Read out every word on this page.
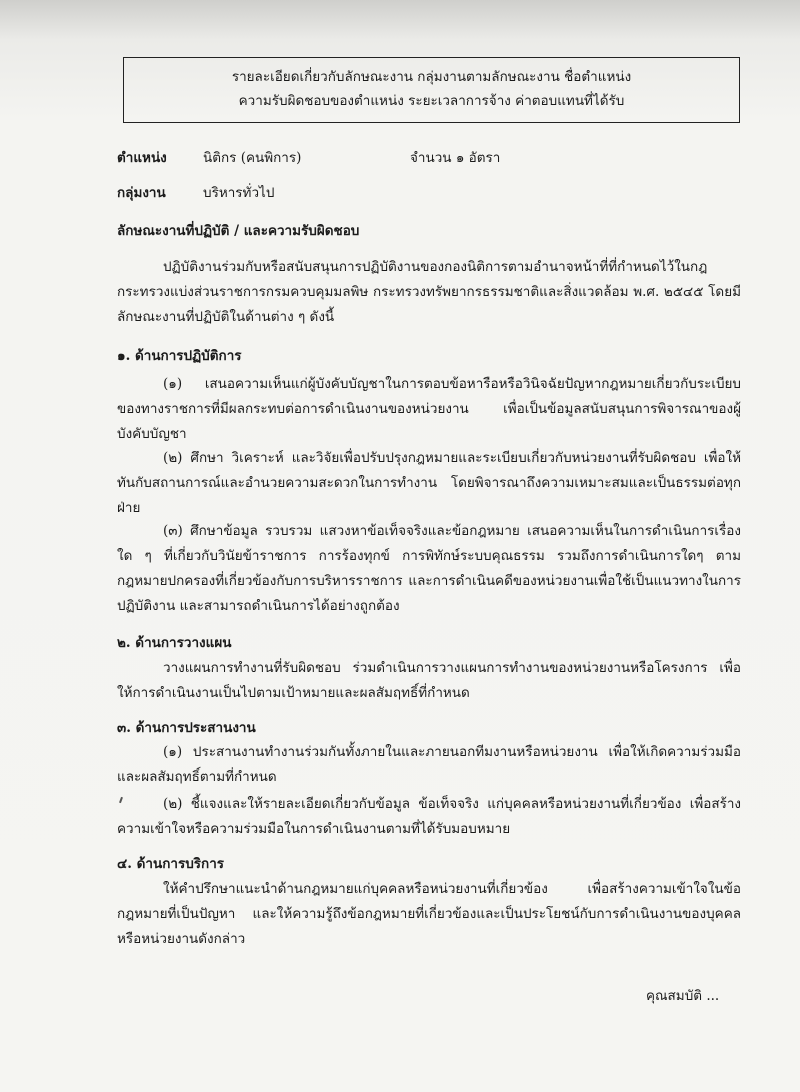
รายละเอียดเกี่ยวกับลักษณะงาน กลุ่มงานตามลักษณะงาน ชื่อตำแหน่ง
ความรับผิดชอบของตำแหน่ง ระยะเวลาการจ้าง ค่าตอบแทนที่ได้รับ
ตำแหน่ง	นิติกร (คนพิการ)	จำนวน ๑ อัตรา
กลุ่มงาน	บริหารทั่วไป
ลักษณะงานที่ปฏิบัติ / และความรับผิดชอบ
ปฏิบัติงานร่วมกับหรือสนับสนุนการปฏิบัติงานของกองนิติการตามอำนาจหน้าที่ที่กำหนดไว้ในกฎกระทรวงแบ่งส่วนราชการกรมควบคุมมลพิษ กระทรวงทรัพยากรธรรมชาติและสิ่งแวดล้อม พ.ศ. ๒๕๔๕ โดยมีลักษณะงานที่ปฏิบัติในด้านต่าง ๆ ดังนี้
๑. ด้านการปฏิบัติการ
(๑) เสนอความเห็นแก่ผู้บังคับบัญชาในการตอบข้อหารือหรือวินิจฉัยปัญหากฎหมายเกี่ยวกับระเบียบของทางราชการที่มีผลกระทบต่อการดำเนินงานของหน่วยงาน เพื่อเป็นข้อมูลสนับสนุนการพิจารณาของผู้บังคับบัญชา
(๒) ศึกษา วิเคราะห์ และวิจัยเพื่อปรับปรุงกฎหมายและระเบียบเกี่ยวกับหน่วยงานที่รับผิดชอบ เพื่อให้ทันกับสถานการณ์และอำนวยความสะดวกในการทำงาน โดยพิจารณาถึงความเหมาะสมและเป็นธรรมต่อทุกฝ่าย
(๓) ศึกษาข้อมูล รวบรวม แสวงหาข้อเท็จจริงและข้อกฎหมาย เสนอความเห็นในการดำเนินการเรื่องใด ๆ ที่เกี่ยวกับวินัยข้าราชการ การร้องทุกข์ การพิทักษ์ระบบคุณธรรม รวมถึงการดำเนินการใดๆ ตามกฎหมายปกครองที่เกี่ยวข้องกับการบริหารราชการ และการดำเนินคดีของหน่วยงานเพื่อใช้เป็นแนวทางในการปฏิบัติงาน และสามารถดำเนินการได้อย่างถูกต้อง
๒. ด้านการวางแผน
วางแผนการทำงานที่รับผิดชอบ ร่วมดำเนินการวางแผนการทำงานของหน่วยงานหรือโครงการ เพื่อให้การดำเนินงานเป็นไปตามเป้าหมายและผลสัมฤทธิ์ที่กำหนด
๓. ด้านการประสานงาน
(๑) ประสานงานทำงานร่วมกันทั้งภายในและภายนอกทีมงานหรือหน่วยงาน เพื่อให้เกิดความร่วมมือและผลสัมฤทธิ์ตามที่กำหนด
(๒) ชี้แจงและให้รายละเอียดเกี่ยวกับข้อมูล ข้อเท็จจริง แก่บุคคลหรือหน่วยงานที่เกี่ยวข้อง เพื่อสร้างความเข้าใจหรือความร่วมมือในการดำเนินงานตามที่ได้รับมอบหมาย
๔. ด้านการบริการ
ให้คำปรึกษาแนะนำด้านกฎหมายแก่บุคคลหรือหน่วยงานที่เกี่ยวข้อง เพื่อสร้างความเข้าใจในข้อกฎหมายที่เป็นปัญหา และให้ความรู้ถึงข้อกฎหมายที่เกี่ยวข้องและเป็นประโยชน์กับการดำเนินงานของบุคคลหรือหน่วยงานดังกล่าว
คุณสมบัติ ...
